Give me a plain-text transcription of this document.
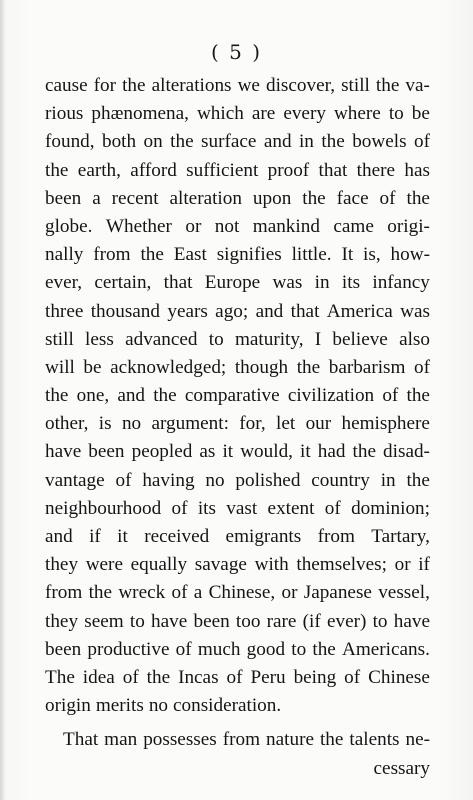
( 5 )
cause for the alterations we discover, still the va-
rious phænomena, which are every where to be
found, both on the surface and in the bowels of
the earth, afford sufficient proof that there has
been a recent alteration upon the face of the
globe. Whether or not mankind came origi-
nally from the East signifies little. It is, how-
ever, certain, that Europe was in its infancy
three thousand years ago; and that America was
still less advanced to maturity, I believe also
will be acknowledged; though the barbarism of
the one, and the comparative civilization of the
other, is no argument: for, let our hemisphere
have been peopled as it would, it had the disad-
vantage of having no polished country in the
neighbourhood of its vast extent of dominion;
and if it received emigrants from Tartary,
they were equally savage with themselves; or if
from the wreck of a Chinese, or Japanese vessel,
they seem to have been too rare (if ever) to have
been productive of much good to the Americans.
The idea of the Incas of Peru being of Chinese
origin merits no consideration.
That man possesses from nature the talents ne-
cessary
